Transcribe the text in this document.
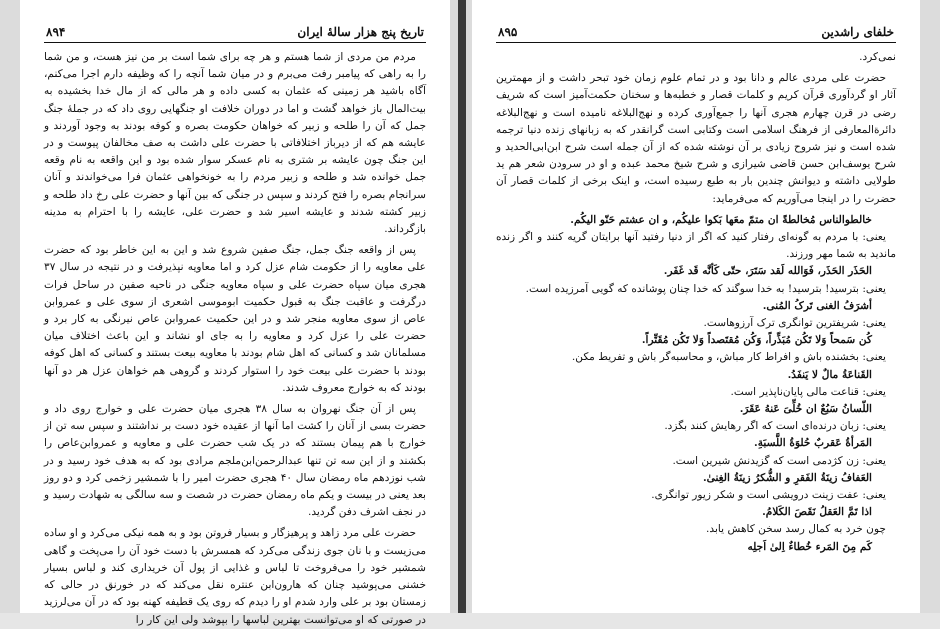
تاریخ پنج هزار سالهٔ ایران
۸۹۴

مردم من مردی از شما هستم و هر چه برای شما است بر من نیز هست، و من شما را به راهی که پیامبر رفت می‌برم و در میان شما آنچه را که وظیفه دارم اجرا می‌کنم، آگاه باشید هر زمینی که عثمان به کسی داده و هر مالی که از مال خدا بخشیده به بیت‌المال باز خواهد گشت و اما در دوران خلافت او جنگهایی روی داد که در جملهٔ جنگ جمل که آن را طلحه و زبیر که خواهان حکومت بصره و کوفه بودند به وجود آوردند و عایشه هم که از دیرباز اختلافاتی با حضرت علی داشت به صف مخالفان پیوست و در این جنگ چون عایشه بر شتری به نام عسکر سوار شده بود و این واقعه به نام وقعه جمل خوانده شد و طلحه و زبیر مردم را به خونخواهی عثمان فرا می‌خواندند و آنان سرانجام بصره را فتح کردند و سپس در جنگی که بین آنها و حضرت علی رخ داد طلحه و زبیر کشته شدند و عایشه اسیر شد و حضرت علی، عایشه را با احترام به مدینه بازگرداند.

پس از واقعه جنگ جمل، جنگ صفین شروع شد و این به این خاطر بود که حضرت علی معاویه را از حکومت شام عزل کرد و اما معاویه نپذیرفت و در نتیجه در سال ۳۷ هجری میان سپاه حضرت علی و سپاه معاویه جنگی در ناحیه صفین در ساحل فرات درگرفت و عاقبت جنگ به قبول حکمیت ابوموسی اشعری از سوی علی و عمروابن عاص از سوی معاویه منجر شد و در این حکمیت عمروابن عاص نیرنگی به کار برد و حضرت علی را عزل کرد و معاویه را به جای او نشاند و این باعث اختلاف میان مسلمانان شد و کسانی که اهل شام بودند با معاویه بیعت بستند و کسانی که اهل کوفه بودند با حضرت علی بیعت خود را استوار کردند و گروهی هم خواهان عزل هر دو آنها بودند که به خوارج معروف شدند.

پس از آن جنگ نهروان به سال ۳۸ هجری میان حضرت علی و خوارج روی داد و حضرت بسی از آنان را کشت اما آنها از عقیده خود دست بر نداشتند و سپس سه تن از خوارج با هم پیمان بستند که در یک شب حضرت علی و معاویه و عمروابن‌عاص را بکشند و از این سه تن تنها عبدالرحمن‌ابن‌ملجم مرادی بود که به هدف خود رسید و در شب نوزدهم ماه رمضان سال ۴۰ هجری حضرت امیر را با شمشیر زخمی کرد و دو روز بعد یعنی در بیست و یکم ماه رمضان حضرت در شصت و سه سالگی به شهادت رسید و در نجف اشرف دفن گردید.

حضرت علی مرد زاهد و پرهیزگار و بسیار فروتن بود و به همه نیکی می‌کرد و او ساده می‌زیست و با نان جوی زندگی می‌کرد که همسرش با دست خود آن را می‌پخت و گاهی شمشیر خود را می‌فروخت تا لباس و غذایی از پول آن خریداری کند و لباس بسیار خشنی می‌پوشید چنان که هارون‌ابن عنتره نقل می‌کند که در خورنق در حالی که زمستان بود بر علی وارد شدم او را دیدم که روی یک قطیفه کهنه بود که در آن می‌لرزید در صورتی که او می‌توانست بهترین لباسها را بپوشد ولی این کار را

خلفای راشدین
۸۹۵

نمی‌کرد.

حضرت علی مردی عالم و دانا بود و در تمام علوم زمان خود تبحر داشت و از مهمترین آثار او گردآوری قرآن کریم و کلمات قصار و خطبه‌ها و سخنان حکمت‌آمیز است که شریف رضی در قرن چهارم هجری آنها را جمع‌آوری کرده و نهج‌البلاغه نامیده است و نهج‌البلاغه دائرة‌المعارفی از فرهنگ اسلامی است وکتابی است گرانقدر که به زبانهای زنده دنیا ترجمه شده است و نیز شروح زیادی بر آن نوشته شده که از آن جمله است شرح ابن‌ابی‌الحدید و شرح یوسف‌ابن حسن قاضی شیرازی و شرح شیخ محمد عبده و او در سرودن شعر هم ید طولایی داشته و دیوانش چندین بار به طبع رسیده است، و اینک برخی از کلمات قصار آن حضرت را در اینجا می‌آوریم که می‌فرماید:

خالطوالناس مُخالطةً ان متمّ معَها بَکوا علیکُم، و ان عشتم حَنّو الیکُم.

یعنی: با مردم به گونه‌ای رفتار کنید که اگر از دنیا رفتید آنها برایتان گریه کنند و اگر زنده ماندید به شما مهر ورزند.

الحَذَر الحَذَر، فَوَالله لَقد سَتَرَ، حتّی کَأنَّه قَد غَفَر.

یعنی: بترسید! بترسید! به خدا سوگند که خدا چنان پوشانده که گویی آمرزیده است.

أشرَفُ الغنی تَرکُ المُنی.

یعنی: شریفترین توانگری ترک آرزوهاست.

کُن سَمحاً وَلا تَکُن مُبَذِّراً، وَکُن مُقتَصداً وَلا تَکُن مُقَتِّراً.

یعنی: بخشنده باش و افراط کار مباش، و محاسبه‌گر باش و تفریط مکن.

القَناعَةُ مالٌ لا یَنفَدُ.

یعنی: قناعت مالی پایان‌ناپذیر است.

اللّسانُ سَبُعٌ ان خُلِّیَ عَنهُ عَقَرَ.

یعنی: زبان درنده‌ای است که اگر رهایش کنند بگزد.

المَرأةُ عَقربٌ حُلوَةُ اللَّسبَةِ.

یعنی: زن کژدمی است که گزیدنش شیرین است.

العَفافُ زینَةُ الفَقرِ و الشُّکرُ زینَةُ الغِنیٰ.

یعنی: عفت زینت درویشی است و شکر زیور توانگری.

اذا تَمَّ العَقلُ نَقَصَ الکَلامُ.

چون خرد به کمال رسد سخن کاهش یابد.

کَم مِنَ المَرء خُطاءٌ اِلیٰ اَجلِه
